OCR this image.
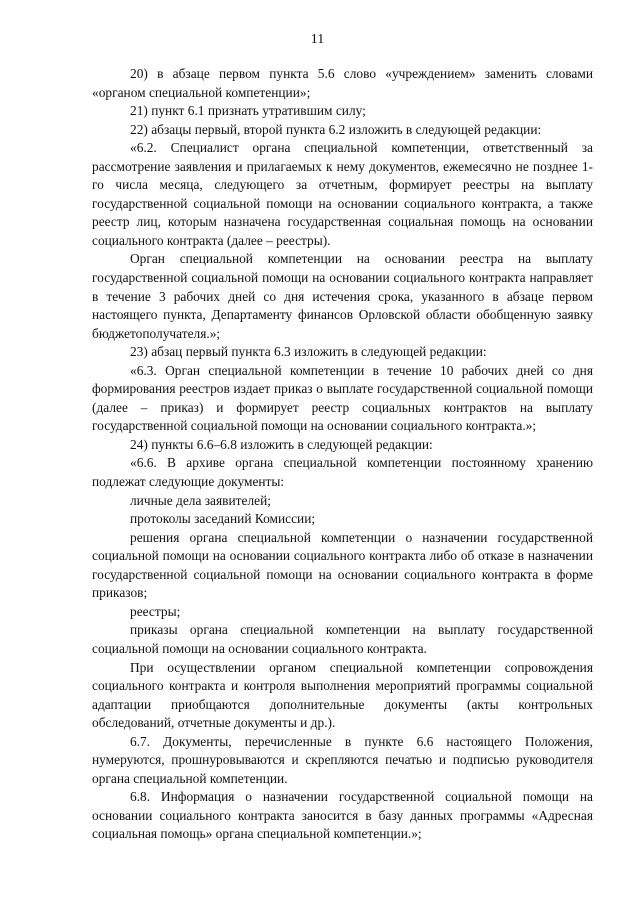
11

20) в абзаце первом пункта 5.6 слово «учреждением» заменить словами «органом специальной компетенции»;

21) пункт 6.1 признать утратившим силу;

22) абзацы первый, второй пункта 6.2 изложить в следующей редакции:

«6.2. Специалист органа специальной компетенции, ответственный за рассмотрение заявления и прилагаемых к нему документов, ежемесячно не позднее 1-го числа месяца, следующего за отчетным, формирует реестры на выплату государственной социальной помощи на основании социального контракта, а также реестр лиц, которым назначена государственная социальная помощь на основании социального контракта (далее – реестры).

Орган специальной компетенции на основании реестра на выплату государственной социальной помощи на основании социального контракта направляет в течение 3 рабочих дней со дня истечения срока, указанного в абзаце первом настоящего пункта, Департаменту финансов Орловской области обобщенную заявку бюджетополучателя.»;

23) абзац первый пункта 6.3 изложить в следующей редакции:

«6.3. Орган специальной компетенции в течение 10 рабочих дней со дня формирования реестров издает приказ о выплате государственной социальной помощи (далее – приказ) и формирует реестр социальных контрактов на выплату государственной социальной помощи на основании социального контракта.»;

24) пункты 6.6–6.8 изложить в следующей редакции:

«6.6. В архиве органа специальной компетенции постоянному хранению подлежат следующие документы:

личные дела заявителей;

протоколы заседаний Комиссии;

решения органа специальной компетенции о назначении государственной социальной помощи на основании социального контракта либо об отказе в назначении государственной социальной помощи на основании социального контракта в форме приказов;

реестры;

приказы органа специальной компетенции на выплату государственной социальной помощи на основании социального контракта.

При осуществлении органом специальной компетенции сопровождения социального контракта и контроля выполнения мероприятий программы социальной адаптации приобщаются дополнительные документы (акты контрольных обследований, отчетные документы и др.).

6.7. Документы, перечисленные в пункте 6.6 настоящего Положения, нумеруются, прошнуровываются и скрепляются печатью и подписью руководителя органа специальной компетенции.

6.8. Информация о назначении государственной социальной помощи на основании социального контракта заносится в базу данных программы «Адресная социальная помощь» органа специальной компетенции.»;
